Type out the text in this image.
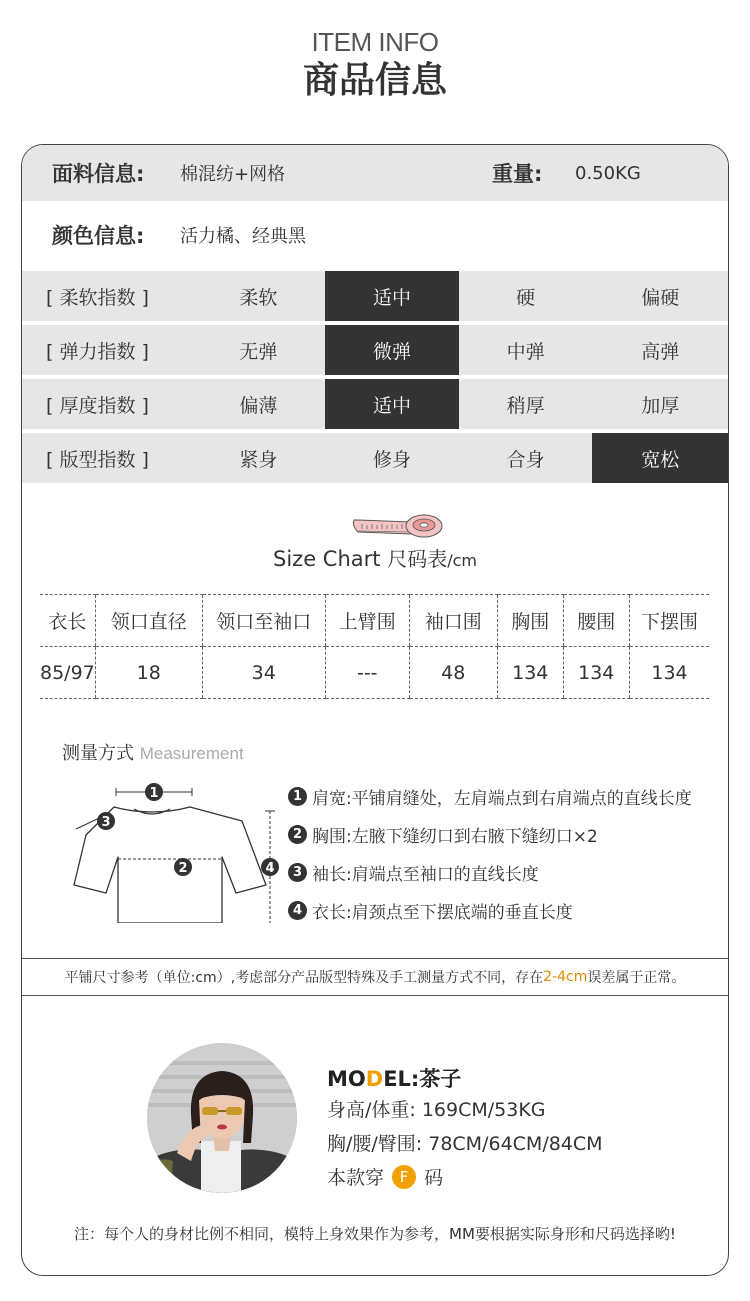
ITEM INFO
商品信息
面料信息:	棉混纺+网格	重量: 0.50KG
颜色信息:	活力橘、经典黑
[ 柔软指数 ]	柔软	适中	硬	偏硬
[ 弹力指数 ]	无弹	微弹	中弹	高弹
[ 厚度指数 ]	偏薄	适中	稍厚	加厚
[ 版型指数 ]	紧身	修身	合身	宽松
Size Chart 尺码表/cm
衣长	领口直径	领口至袖口	上臂围	袖口围	胸围	腰围	下摆围
85/97	18	34	---	48	134	134	134
测量方式 Measurement
1
2
3
4
1 肩宽 :平铺肩缝处，左肩端点到右肩端点的直线长度
2 胸围 :左腋下缝纫口到右腋下缝纫口×2
3 袖长 :肩端点至袖口的直线长度
4 衣长 :肩颈点至下摆底端的垂直长度
平铺尺寸参考（单位:cm）,考虑部分产品版型特殊及手工测量方式不同，存在 2-4cm 误差属于正常。
MODEL:茶子
身高/体重: 169CM/53KG
胸/腰/臀围: 78CM/64CM/84CM
本款穿 F 码
注：每个人的身材比例不相同，模特上身效果作为参考，MM要根据实际身形和尺码选择哟!
